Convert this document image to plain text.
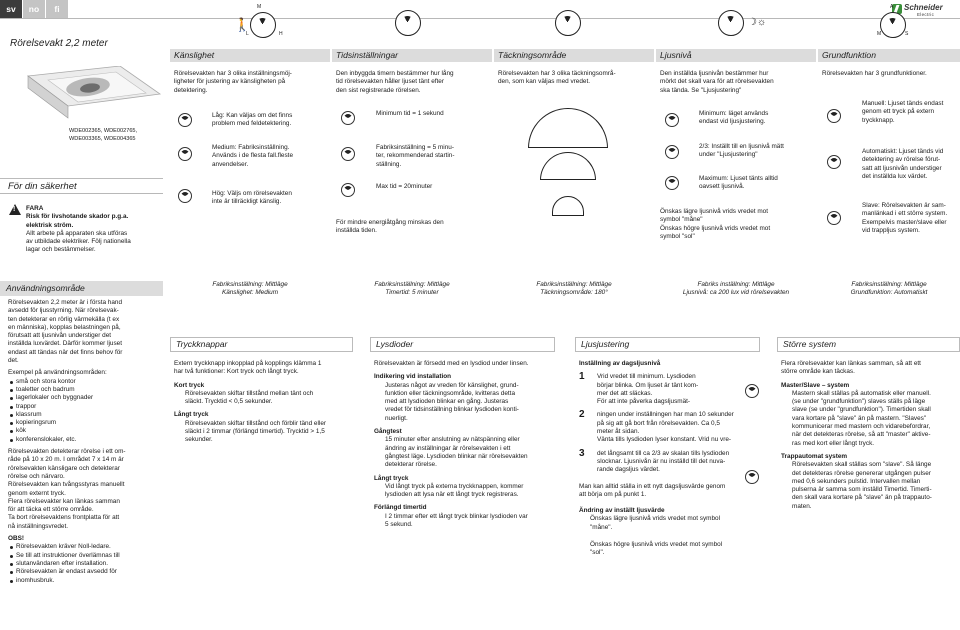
sv	no	fi	Schneider
Electric
Rörelsevakt 2,2 meter
WDE002365, WDE002765,
WDE003365, WDE004365
För din säkerhet
!
FARA
Risk för livshotande skador p.g.a.
elektrisk ström.
Allt arbete på apparaten ska utföras
av utbildade elektriker. Följ nationella
lagar och bestämmelser.
🚶
M
L	H
☽☼
A
M	S
Känslighet	Tidsinställningar	Täckningsområde	Ljusnivå	Grundfunktion
Rörelsevakten har 3 olika inställningsmöj-
ligheter för justering av känsligheten på
detektering.
Låg: Kan väljas om det finns
problem med feldetektering.
Medium: Fabriksinställning.
Används i de flesta fall.fleste
anvendelser.
Hög: Väljs om rörelsevakten
inte är tillräckligt känslig.
Den inbyggda timern bestämmer hur lång
tid rörelsevakten håller ljuset tänt efter
den sist registrerade rörelsen.
Minimum tid = 1 sekund
Fabriksinställning = 5 minu-
ter, rekommenderad startin-
ställning.
Max tid = 20minuter
För mindre energiåtgång minskas den
inställda tiden.
Rörelsevakten har 3 olika täckningsområ-
den, som kan väljas med vredet.
Den inställda ljusnivån bestämmer hur
mörkt det skall vara för att rörelsevakten
ska tända. Se "Ljusjustering"
Minimum: läget används
endast vid ljusjustering.
2/3: Inställt till en ljusnivå mätt
under "Ljusjustering"
Maximum: Ljuset tänts alltid
oavsett ljusnivå.
Önskas lägre ljusnivå vrids vredet mot
symbol "måne"
Önskas högre ljusnivå vrids vredet mot
symbol "sol"
Rörelsevakten har 3 grundfunktioner.
Manuell: Ljuset tänds endast
genom ett tryck på extern
tryckknapp.
Automatiskt: Ljuset tänds vid
detektering av rörelse förut-
satt att ljusnivån understiger
det inställda lux värdet.
Slave: Rörelsevakten är sam-
manlänkad i ett större system.
Exempelvis master/slave eller
vid trappljus system.
Fabriksinställning: Mittläge
Känslighet: Medium
Fabriksinställning: Mittläge
Timertid: 5 minuter
Fabriksinställning: Mittläge
Täckningsområde: 180°
Fabriks inställning: Mittläge
Ljusnivå: ca 200 lux vid rörelsevakten
Fabriksinställning: Mittläge
Grundfunktion: Automatiskt
Användningsområde
Rörelsevakten 2,2 meter är i första hand
avsedd för ljusstyrning. När rörelsevak-
ten detekterar en rörlig värmekälla (t ex
en människa), kopplas belastningen på,
förutsatt att ljusnivån understiger det
inställda luxvärdet. Därför kommer ljuset
endast att tändas när det finns behov för
det.
Exempel på användningsområden:
små och stora kontor
toaletter och badrum
lagerlokaler och byggnader
trappor
klassrum
kopieringsrum
kök
konferenslokaler, etc.
Rörelsevakten detekterar rörelse i ett om-
råde på 10 x 20 m. I området 7 x 14 m är
rörelsevakten känsligare och detekterar
rörelse och närvaro.
Rörelsevakten kan tvångsstyras manuellt
genom externt tryck.
Flera rörelsevakter kan länkas samman
för att täcka ett större område.
Ta bort rörelsevaktens frontplatta för att
nå inställningsvredet.
OBS!
Rörelsevakten kräver Noll-ledare.
Se till att instruktioner överlämnas till
slutanvändaren efter installation.
Rörelsevakten är endast avsedd för
inomhusbruk.
Tryckknappar
Extern tryckknapp inkopplad på kopplings klämma 1
har två funktioner: Kort tryck och långt tryck.
Kort tryck
Rörelsevakten skiftar tillstånd mellan tänt och
släckt. Trycktid < 0,5 sekunder.
Långt tryck
Rörelsevakten skiftar tillstånd och förblir tänd eller
släckt i 2 timmar (förlängd timertid). Trycktid > 1,5
sekunder.
Lysdioder
Rörelsevakten är försedd med en lysdiod under linsen.
Indikering vid installation
Justeras något av vreden för känslighet, grund-
funktion eller täckningsområde, kvitteras detta
med att lysdioden blinkar en gång. Justeras
vredet för tidsinställning blinkar lysdioden konti-
nuerligt.
Gångtest
15 minuter efter anslutning av nätspänning eller
ändring av inställningar är rörelsevakten i ett
gångtest läge. Lysdioden blinkar när rörelsevakten
detekterar rörelse.
Långt tryck
Vid långt tryck på externa tryckknappen, kommer
lysdioden att lysa när ett långt tryck registreras.
Förlängd timertid
I 2 timmar efter ett långt tryck blinkar lysdioden var
5 sekund.
Ljusjustering
Inställning av dagsljusnivå
1 Vrid vredet till minimum. Lysdioden
börjar blinka. Om ljuset är tänt kom-
mer det att släckas.
För att inte påverka dagsljusmät-
2 ningen under inställningen har man 10 sekunder
på sig att gå bort från rörelsevakten. Ca 0,5
meter åt sidan.
Vänta tills lysdioden lyser konstant. Vrid nu vre-
3 det långsamt till ca 2/3 av skalan tills lysdioden
slocknar. Ljusnivån är nu inställd till det nuva-
rande dagsljus värdet.
Man kan alltid ställa in ett nytt dagsljusvärde genom
att börja om på punkt 1.
Ändring av inställt ljusvärde
Önskas lägre ljusnivå vrids vredet mot symbol
"måne".
Önskas högre ljusnivå vrids vredet mot symbol
"sol".
Större system
Flera rörelsevakter kan länkas samman, så att ett
större område kan täckas.
Master/Slave – system
Mastern skall ställas på automatisk eller manuell.
(se under "grundfunktion") slaves ställs på läge
slave (se under "grundfunktion"). Timertiden skall
vara kortare på "slave" än på mastern. "Slaves"
kommunicerar med mastern och vidarebefordrar,
när det detekteras rörelse, så att "master" aktive-
ras med kort eller långt tryck.
Trappautomat system
Rörelsevakten skall ställas som "slave". Så länge
det detekteras rörelse genererar utgången pulser
med 0,6 sekunders pulstid. Intervallen mellan
pulserna är samma som inställd Timertid. Timerti-
den skall vara kortare på "slave" än på trappauto-
maten.
